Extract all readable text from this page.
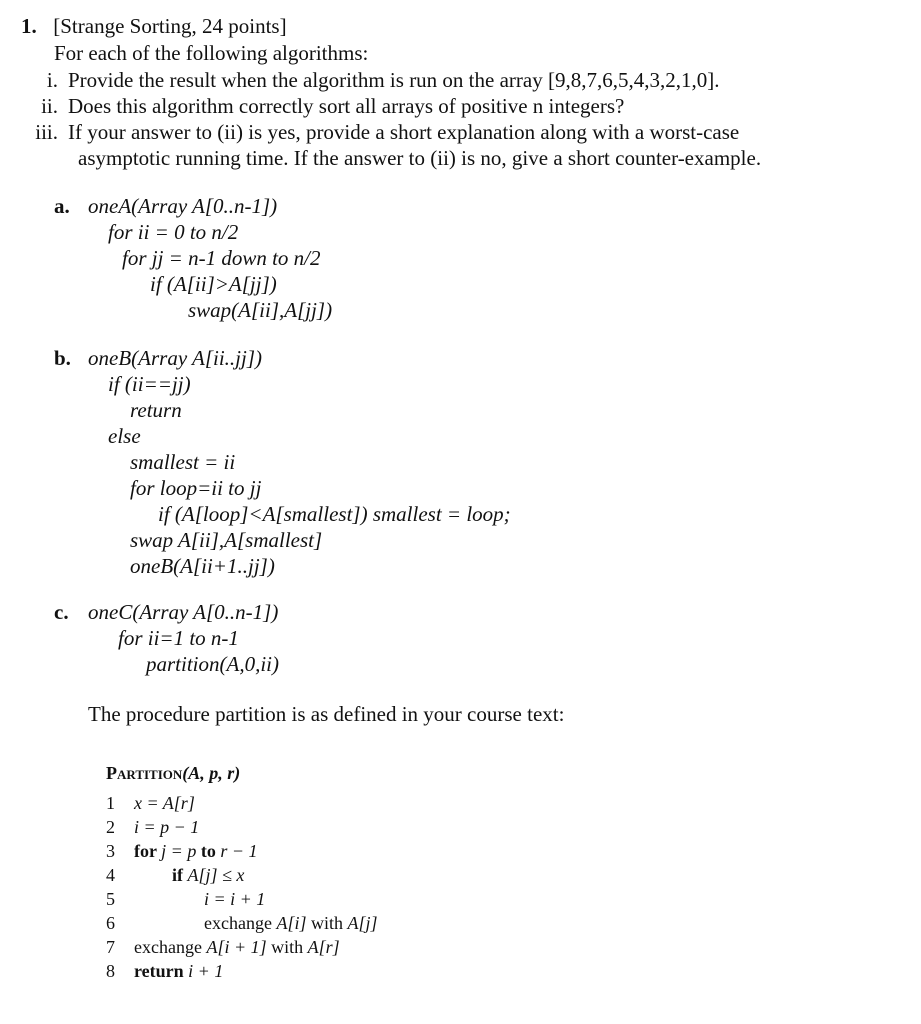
1. [Strange Sorting, 24 points]
For each of the following algorithms:
i. Provide the result when the algorithm is run on the array [9,8,7,6,5,4,3,2,1,0].
ii. Does this algorithm correctly sort all arrays of positive n integers?
iii. If your answer to (ii) is yes, provide a short explanation along with a worst-case
asymptotic running time. If the answer to (ii) is no, give a short counter-example.
a. oneA(Array A[0..n-1])
for ii = 0 to n/2
for jj = n-1 down to n/2
if (A[ii]>A[jj])
swap(A[ii],A[jj])
b. oneB(Array A[ii..jj])
if (ii==jj)
return
else
smallest = ii
for loop=ii to jj
if (A[loop]<A[smallest]) smallest = loop;
swap A[ii],A[smallest]
oneB(A[ii+1..jj])
c. oneC(Array A[0..n-1])
for ii=1 to n-1
partition(A,0,ii)
The procedure partition is as defined in your course text:
Partition(A, p, r)
1 x = A[r]
2 i = p − 1
3 for j = p to r − 1
4	if A[j] ≤ x
5	i = i + 1
6	exchange A[i] with A[j]
7 exchange A[i + 1] with A[r]
8 return i + 1
